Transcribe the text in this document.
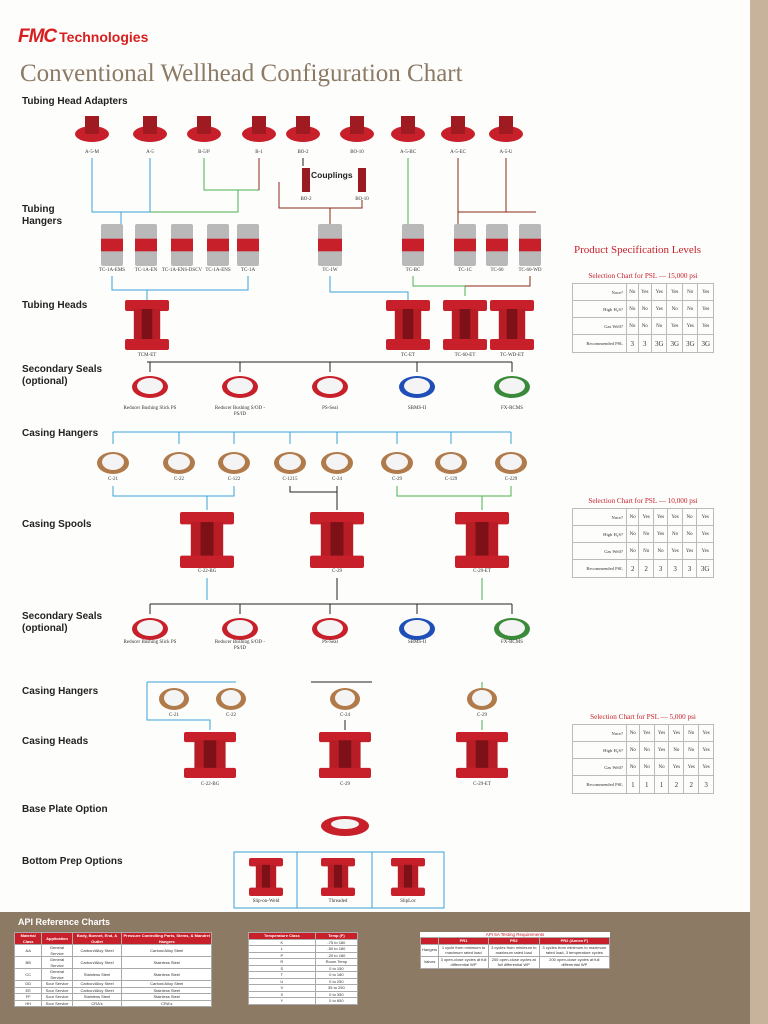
FMC Technologies
Conventional Wellhead Configuration Chart
Tubing Head Adapters
Tubing Hangers
Tubing Heads
Secondary Seals (optional)
Casing Hangers
Casing Spools
Secondary Seals (optional)
Casing Hangers
Casing Heads
Base Plate Option
Bottom Prep Options
Couplings
A-5-M	A-5	B-5/P	B-1	BO-2	BO-10	A-5-BC	A-5-EC	A-5-U
BO-2	BO-10
TC-1A-EMS	TC-1A-EN TC-1A-ENS-DSCV TC-1A-ENS	TC-1A	TC-1W	TC-BC	TC-1C	TC-60	TC-60-WD
TCM-ET	TC-ET	TC-60-ET	TC-WD-ET
Reducer Bushing Slick PS	Reducer Bushing S/OD - PS/ID
PS-Seal	SBMS-II	FX-RCMS
C-21	C-22	C-122	C-1215	C-24	C-29	C-129	C-229
C-22-BG	C-29	C-29-ET
Reducer Bushing Slick PS	Reducer Bushing S/OD - PS/ID
PS-Seal	SBMS-II	FX-RCMS
C-21	C-22	C-24	C-29
C-22-BG	C-29	C-29-ET
Slip-on-Weld	Threaded	SlipLoc
Product Specification Levels
Selection Chart for PSL — 15,000 psi
Nace?	No	Yes	Yes	Yes	No	Yes
High H₂S?	No	No	Yes	No	No	Yes
Gas Well?	No	No	No	Yes	Yes	Yes
Recommended PSL	3	3	3G	3G	3G	3G
Selection Chart for PSL — 10,000 psi
Nace?	No	Yes	Yes	Yes	No	Yes
High H₂S?	No	No	Yes	No	No	Yes
Gas Well?	No	No	No	Yes	Yes	Yes
Recommended PSL	2	2	3	3	3	3G
Selection Chart for PSL — 5,000 psi
Nace?	No	Yes	Yes	Yes	No	Yes
High H₂S?	No	No	Yes	No	No	Yes
Gas Well?	No	No	No	Yes	Yes	Yes
Recommended PSL	1	1	1	2	2	3
API Reference Charts
Material Class	Application	Body, Bonnet, End, & Outlet	Pressure Controlling Parts, Stems, & Mandrel Hangers
AA	General Service	Carbon/Alloy Steel	Carbon/Alloy Steel
BB	General Service	Carbon/Alloy Steel	Stainless Steel
CC	General Service	Stainless Steel	Stainless Steel
DD	Sour Service	Carbon/Alloy Steel	Carbon/Alloy Steel
EE	Sour Service	Carbon/Alloy Steel	Stainless Steel
FF	Sour Service	Stainless Steel	Stainless Steel
HH	Sour Service	CRA's	CRA's
Temperature Class	Temp (F)
K	-75 to 180
L	-50 to 180
P	-20 to 180
R	Room Temp
S	0 to 150
T	0 to 180
U	0 to 250
V	35 to 250
X	0 to 350
Y	0 to 650
API 6A Testing Requirements
	PR1	PR2	PR2 (Annex F)
Hangers	1 cycle from minimum to maximum rated load	3 cycles from minimum to maximum rated load	3 cycles from minimum to maximum rated load, 3 temperature cycles
Valves	3 open-close cycles at full differential WP	200 open-close cycles at full differential WP	200 open-close cycles at full differential WP
